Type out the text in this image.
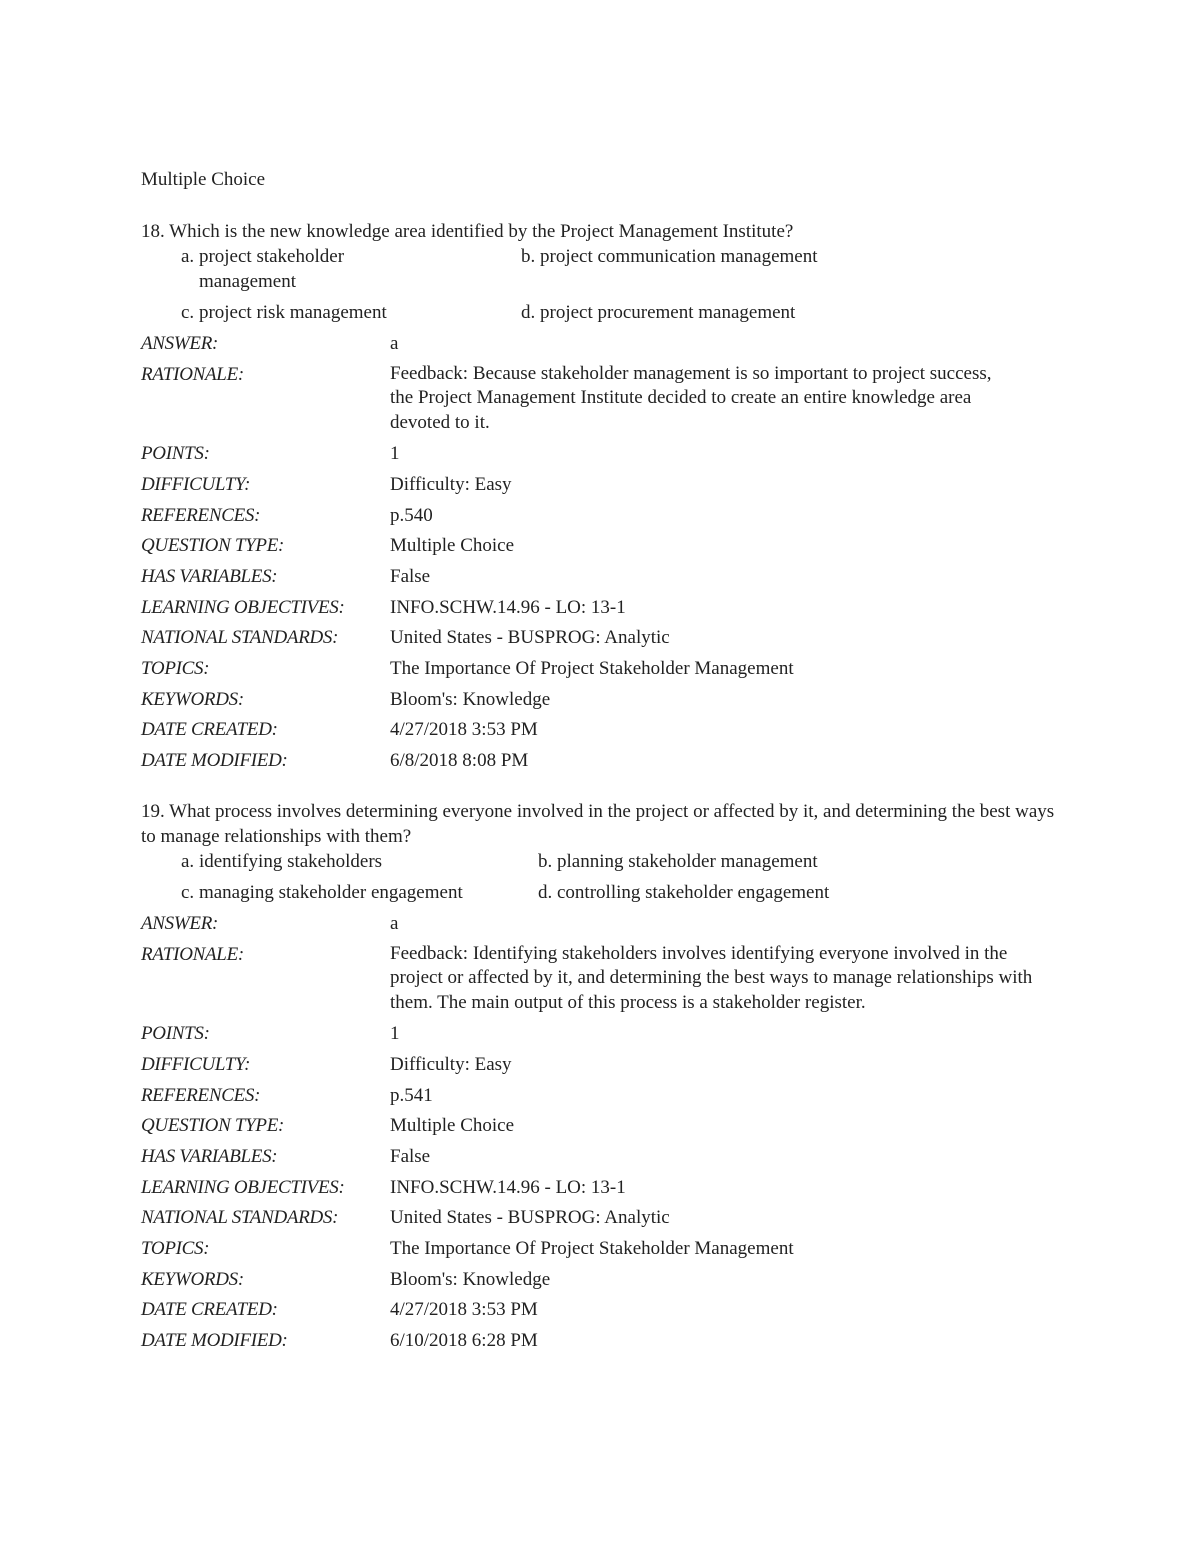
Multiple Choice
18. Which is the new knowledge area identified by the Project Management Institute?
a.
project stakeholder management
b.
project communication management
c.
project risk management	d.
project procurement management
ANSWER:	a
RATIONALE:	Feedback: Because stakeholder management is so important to project success, the Project Management Institute decided to create an entire knowledge area devoted to it.
POINTS:	1
DIFFICULTY:	Difficulty: Easy
REFERENCES:	p.540
QUESTION TYPE:	Multiple Choice
HAS VARIABLES:	False
LEARNING OBJECTIVES:	INFO.SCHW.14.96 - LO: 13-1
NATIONAL STANDARDS:	United States - BUSPROG: Analytic
TOPICS:	The Importance Of Project Stakeholder Management
KEYWORDS:	Bloom's: Knowledge
DATE CREATED:	4/27/2018 3:53 PM
DATE MODIFIED:	6/8/2018 8:08 PM
19. What process involves determining everyone involved in the project or affected by it, and determining the best ways to manage relationships with them?
a.
identifying stakeholders	b.
planning stakeholder management
c.
managing stakeholder engagement	d.
controlling stakeholder engagement
ANSWER:	a
RATIONALE:	Feedback: Identifying stakeholders involves identifying everyone involved in the project or affected by it, and determining the best ways to manage relationships with them. The main output of this process is a stakeholder register.
POINTS:	1
DIFFICULTY:	Difficulty: Easy
REFERENCES:	p.541
QUESTION TYPE:	Multiple Choice
HAS VARIABLES:	False
LEARNING OBJECTIVES:	INFO.SCHW.14.96 - LO: 13-1
NATIONAL STANDARDS:	United States - BUSPROG: Analytic
TOPICS:	The Importance Of Project Stakeholder Management
KEYWORDS:	Bloom's: Knowledge
DATE CREATED:	4/27/2018 3:53 PM
DATE MODIFIED:	6/10/2018 6:28 PM
